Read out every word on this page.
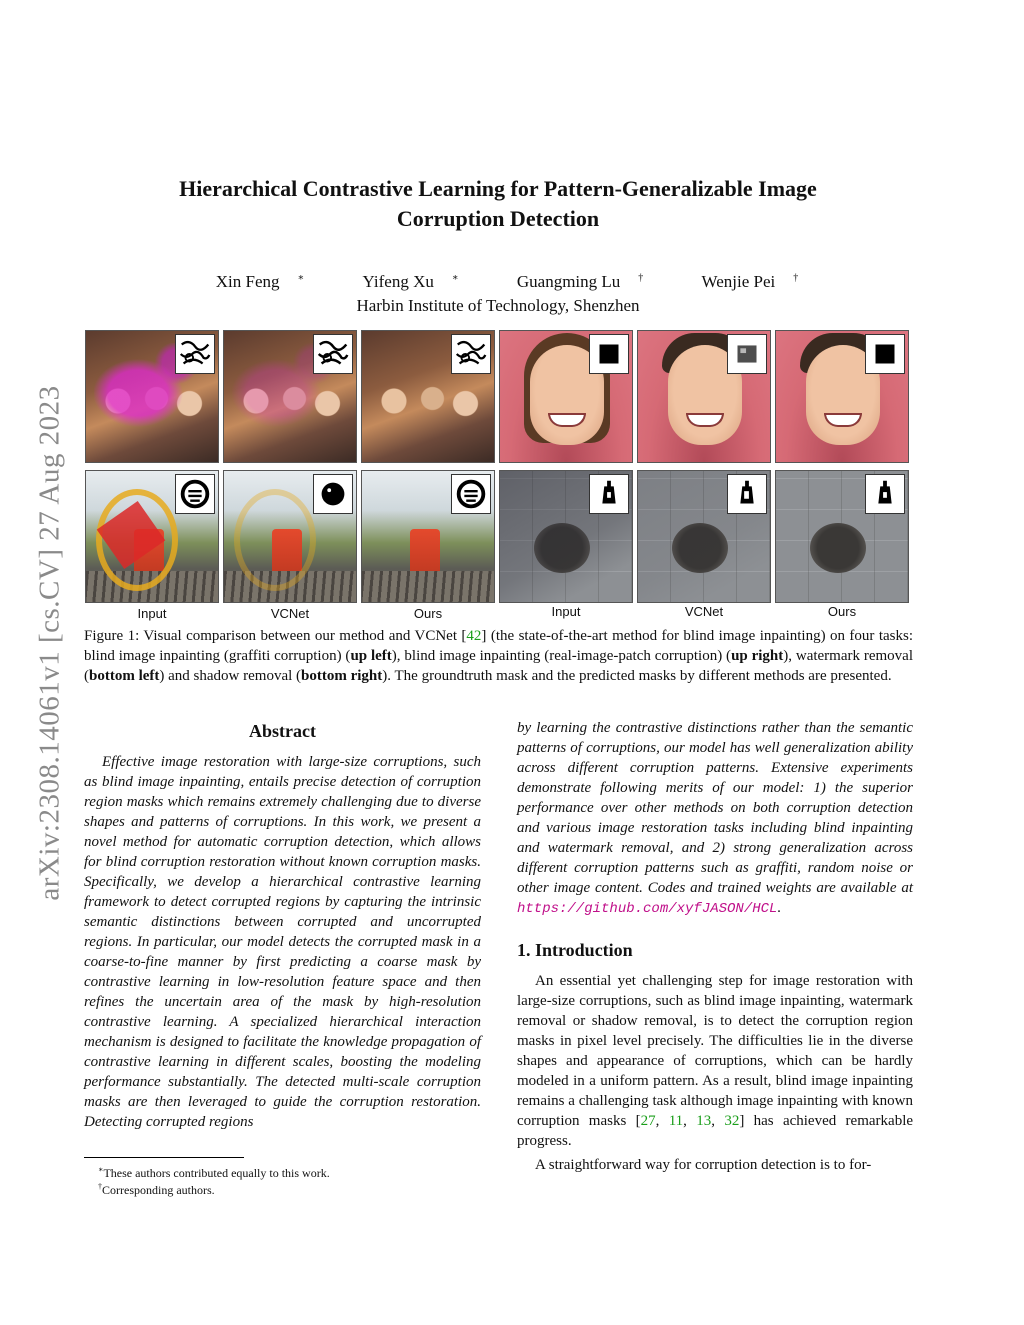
arXiv:2308.14061v1 [cs.CV] 27 Aug 2023
Hierarchical Contrastive Learning for Pattern-Generalizable Image
Corruption Detection
Xin Feng ∗	Yifeng Xu ∗	Guangming Lu †	Wenjie Pei †
Harbin Institute of Technology, Shenzhen
Input	VCNet	Ours	Input	VCNet	Ours

Figure 1: Visual comparison between our method and VCNet [42] (the state-of-the-art method for blind image inpainting) on four tasks: blind image inpainting (graffiti corruption) (up left), blind image inpainting (real-image-patch corruption) (up right), watermark removal (bottom left) and shadow removal (bottom right). The groundtruth mask and the predicted masks by different methods are presented.

Abstract

Effective image restoration with large-size corruptions, such as blind image inpainting, entails precise detection of corruption region masks which remains extremely challenging due to diverse shapes and patterns of corruptions. In this work, we present a novel method for automatic corruption detection, which allows for blind corruption restoration without known corruption masks. Specifically, we develop a hierarchical contrastive learning framework to detect corrupted regions by capturing the intrinsic semantic distinctions between corrupted and uncorrupted regions. In particular, our model detects the corrupted mask in a coarse-to-fine manner by first predicting a coarse mask by contrastive learning in low-resolution feature space and then refines the uncertain area of the mask by high-resolution contrastive learning. A specialized hierarchical interaction mechanism is designed to facilitate the knowledge propagation of contrastive learning in different scales, boosting the modeling performance substantially. The detected multi-scale corruption masks are then leveraged to guide the corruption restoration. Detecting corrupted regions

by learning the contrastive distinctions rather than the semantic patterns of corruptions, our model has well generalization ability across different corruption patterns. Extensive experiments demonstrate following merits of our model: 1) the superior performance over other methods on both corruption detection and various image restoration tasks including blind inpainting and watermark removal, and 2) strong generalization across different corruption patterns such as graffiti, random noise or other image content. Codes and trained weights are available at https://github.com/xyfJASON/HCL.

1. Introduction

An essential yet challenging step for image restoration with large-size corruptions, such as blind image inpainting, watermark removal or shadow removal, is to detect the corruption region masks in pixel level precisely. The difficulties lie in the diverse shapes and appearance of corruptions, which can be hardly modeled in a uniform pattern. As a result, blind image inpainting remains a challenging task although image inpainting with known corruption masks [27, 11, 13, 32] has achieved remarkable progress.

A straightforward way for corruption detection is to for-

∗These authors contributed equally to this work.
†Corresponding authors.
